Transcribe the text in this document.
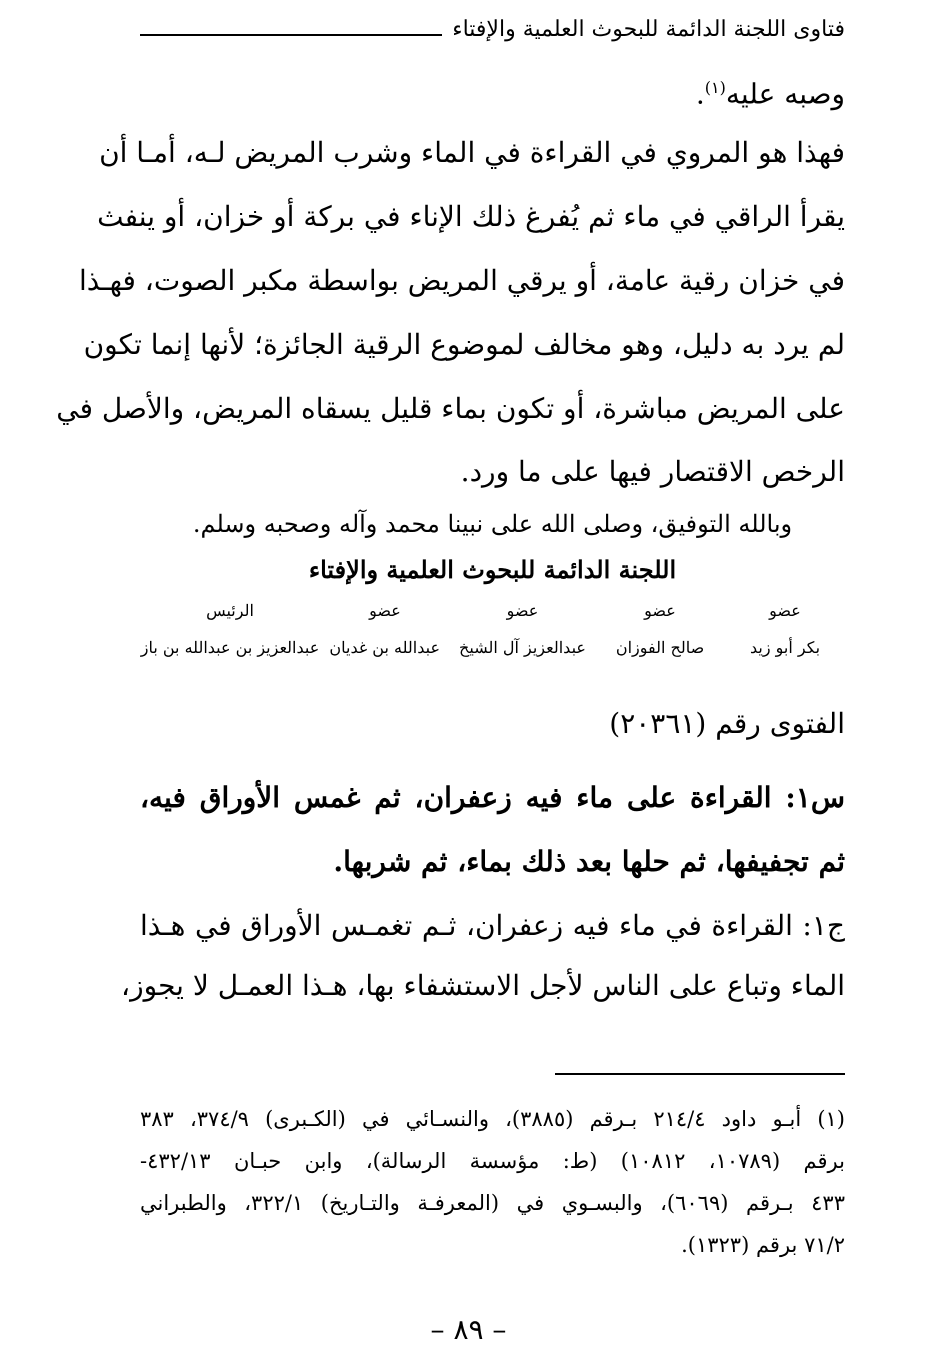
فتاوى اللجنة الدائمة للبحوث العلمية والإفتاء
وصبه عليه$^{(١)}$.
فهذا هو المروي في القراءة في الماء وشرب المريض لـه، أمـا أن
يقرأ الراقي في ماء ثم يُفرغ ذلك الإناء في بركة أو خزان، أو ينفث
في خزان رقية عامة، أو يرقي المريض بواسطة مكبر الصوت، فهـذا
لم يرد به دليل، وهو مخالف لموضوع الرقية الجائزة؛ لأنها إنما تكون
على المريض مباشرة، أو تكون بماء قليل يسقاه المريض، والأصل في
الرخص الاقتصار فيها على ما ورد.
وبالله التوفيق، وصلى الله على نبينا محمد وآله وصحبه وسلم.
اللجنة الدائمة للبحوث العلمية والإفتاء
عضو
عضو
عضو
عضو
الرئيس
بكر أبو زيد
صالح الفوزان
عبدالعزيز آل الشيخ
عبدالله بن غديان
عبدالعزيز بن عبدالله بن باز
الفتوى رقم (٢٠٣٦١)
س١: القراءة على ماء فيه زعفران، ثم غمس الأوراق فيه،
ثم تجفيفها، ثم حلها بعد ذلك بماء، ثم شربها.
ج١: القراءة في ماء فيه زعفران، ثـم تغمـس الأوراق في هـذا
الماء وتباع على الناس لأجل الاستشفاء بها، هـذا العمـل لا يجوز،
(١) أبـو داود ٢١٤/٤ بـرقم (٣٨٨٥)، والنسـائي في (الكـبرى) ٣٧٤/٩، ٣٨٣
برقم (١٠٧٨٩، ١٠٨١٢) (ط: مؤسسة الرسالة)، وابن حبـان ٤٣٢/١٣-
٤٣٣ بـرقم (٦٠٦٩)، والبسـوي في (المعرفـة والتـاريخ) ٣٢٢/١، والطبراني
٧١/٢ برقم (١٣٢٣).
– ٨٩ –
